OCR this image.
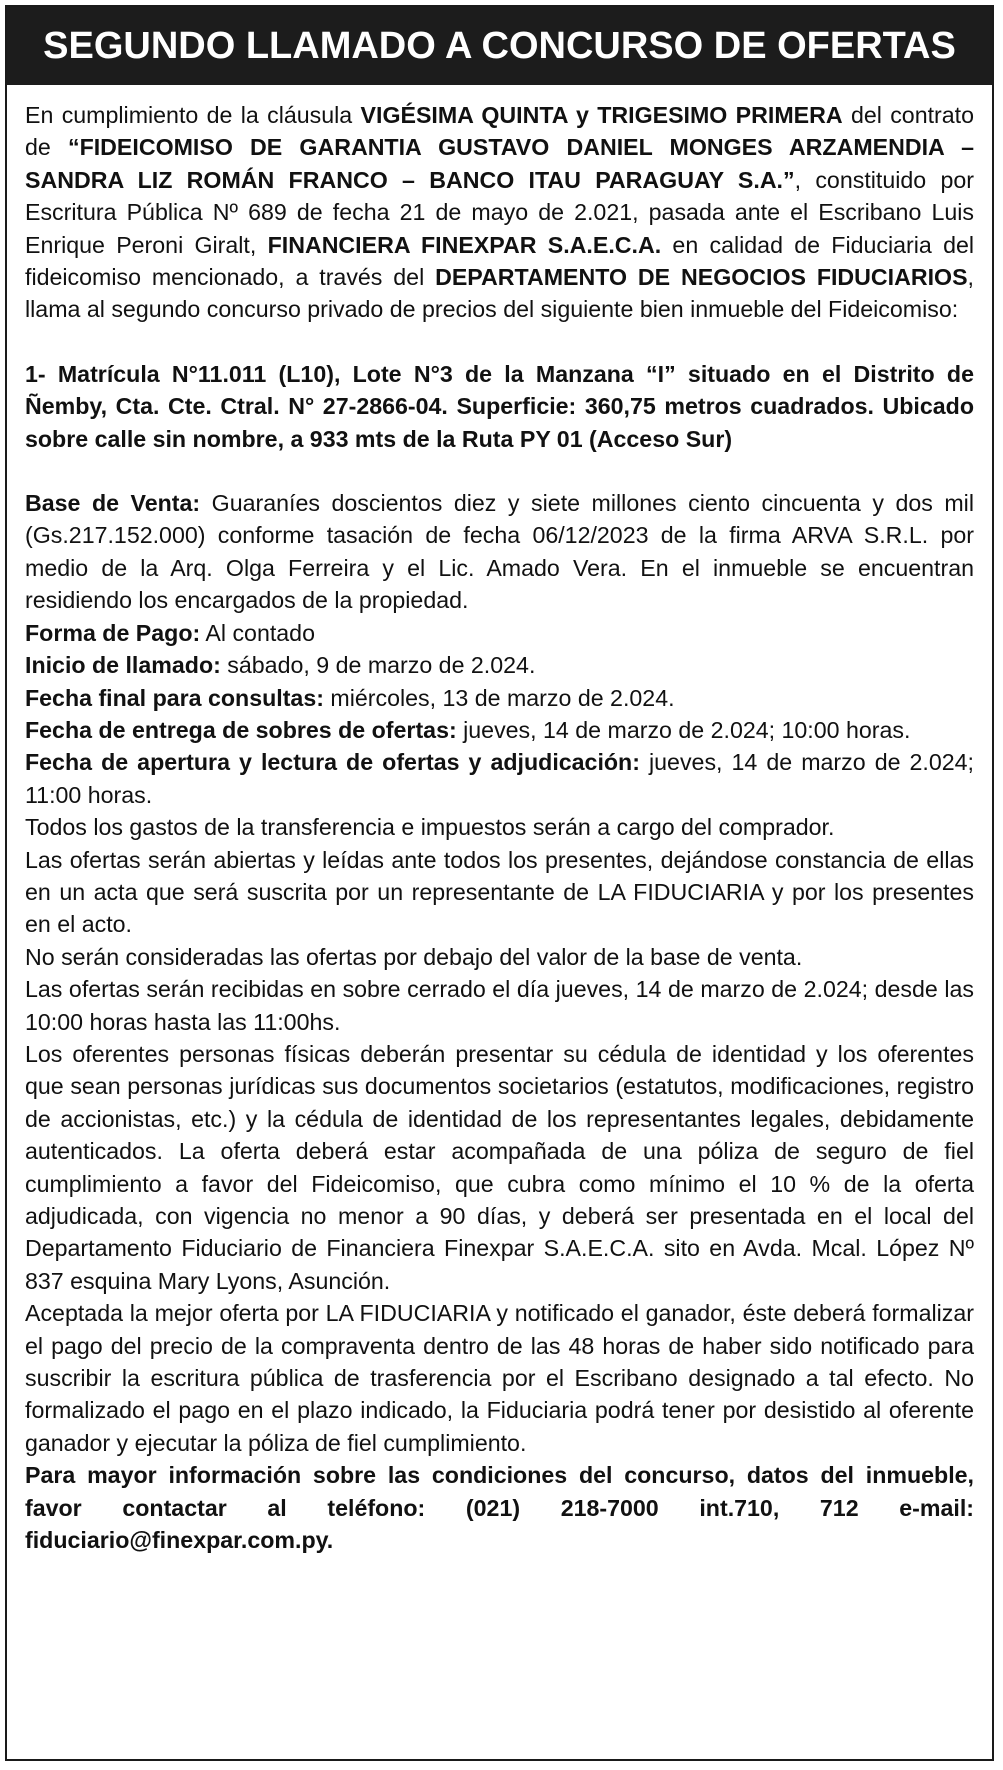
SEGUNDO LLAMADO A CONCURSO DE OFERTAS

En cumplimiento de la cláusula VIGÉSIMA QUINTA y TRIGESIMO PRIMERA del contrato de “FIDEICOMISO DE GARANTIA GUSTAVO DANIEL MONGES ARZAMENDIA – SANDRA LIZ ROMÁN FRANCO – BANCO ITAU PARAGUAY S.A.”, constituido por Escritura Pública Nº 689 de fecha 21 de mayo de 2.021, pasada ante el Escribano Luis Enrique Peroni Giralt, FINANCIERA FINEXPAR S.A.E.C.A. en calidad de Fiduciaria del fideicomiso mencionado, a través del DEPARTAMENTO DE NEGOCIOS FIDUCIARIOS, llama al segundo concurso privado de precios del siguiente bien inmueble del Fideicomiso:

1- Matrícula N°11.011 (L10), Lote N°3 de la Manzana “I” situado en el Distrito de Ñemby, Cta. Cte. Ctral. N° 27-2866-04. Superficie: 360,75 metros cuadrados. Ubicado sobre calle sin nombre, a 933 mts de la Ruta PY 01 (Acceso Sur)

Base de Venta: Guaraníes doscientos diez y siete millones ciento cincuenta y dos mil (Gs.217.152.000) conforme tasación de fecha 06/12/2023 de la firma ARVA S.R.L. por medio de la Arq. Olga Ferreira y el Lic. Amado Vera. En el inmueble se encuentran residiendo los encargados de la propiedad.

Forma de Pago: Al contado

Inicio de llamado: sábado, 9 de marzo de 2.024.

Fecha final para consultas: miércoles, 13 de marzo de 2.024.

Fecha de entrega de sobres de ofertas: jueves, 14 de marzo de 2.024; 10:00 horas.

Fecha de apertura y lectura de ofertas y adjudicación: jueves, 14 de marzo de 2.024; 11:00 horas.

Todos los gastos de la transferencia e impuestos serán a cargo del comprador.

Las ofertas serán abiertas y leídas ante todos los presentes, dejándose constancia de ellas en un acta que será suscrita por un representante de LA FIDUCIARIA y por los presentes en el acto.

No serán consideradas las ofertas por debajo del valor de la base de venta.

Las ofertas serán recibidas en sobre cerrado el día jueves, 14 de marzo de 2.024; desde las 10:00 horas hasta las 11:00hs.

Los oferentes personas físicas deberán presentar su cédula de identidad y los oferentes que sean personas jurídicas sus documentos societarios (estatutos, modificaciones, registro de accionistas, etc.) y la cédula de identidad de los representantes legales, debidamente autenticados. La oferta deberá estar acompañada de una póliza de seguro de fiel cumplimiento a favor del Fideicomiso, que cubra como mínimo el 10 % de la oferta adjudicada, con vigencia no menor a 90 días, y deberá ser presentada en el local del Departamento Fiduciario de Financiera Finexpar S.A.E.C.A. sito en Avda. Mcal. López Nº 837 esquina Mary Lyons, Asunción.

Aceptada la mejor oferta por LA FIDUCIARIA y notificado el ganador, éste deberá formalizar el pago del precio de la compraventa dentro de las 48 horas de haber sido notificado para suscribir la escritura pública de trasferencia por el Escribano designado a tal efecto. No formalizado el pago en el plazo indicado, la Fiduciaria podrá tener por desistido al oferente ganador y ejecutar la póliza de fiel cumplimiento.

Para mayor información sobre las condiciones del concurso, datos del inmueble, favor contactar al teléfono: (021) 218-7000 int.710, 712 e-mail: fiduciario@finexpar.com.py.
